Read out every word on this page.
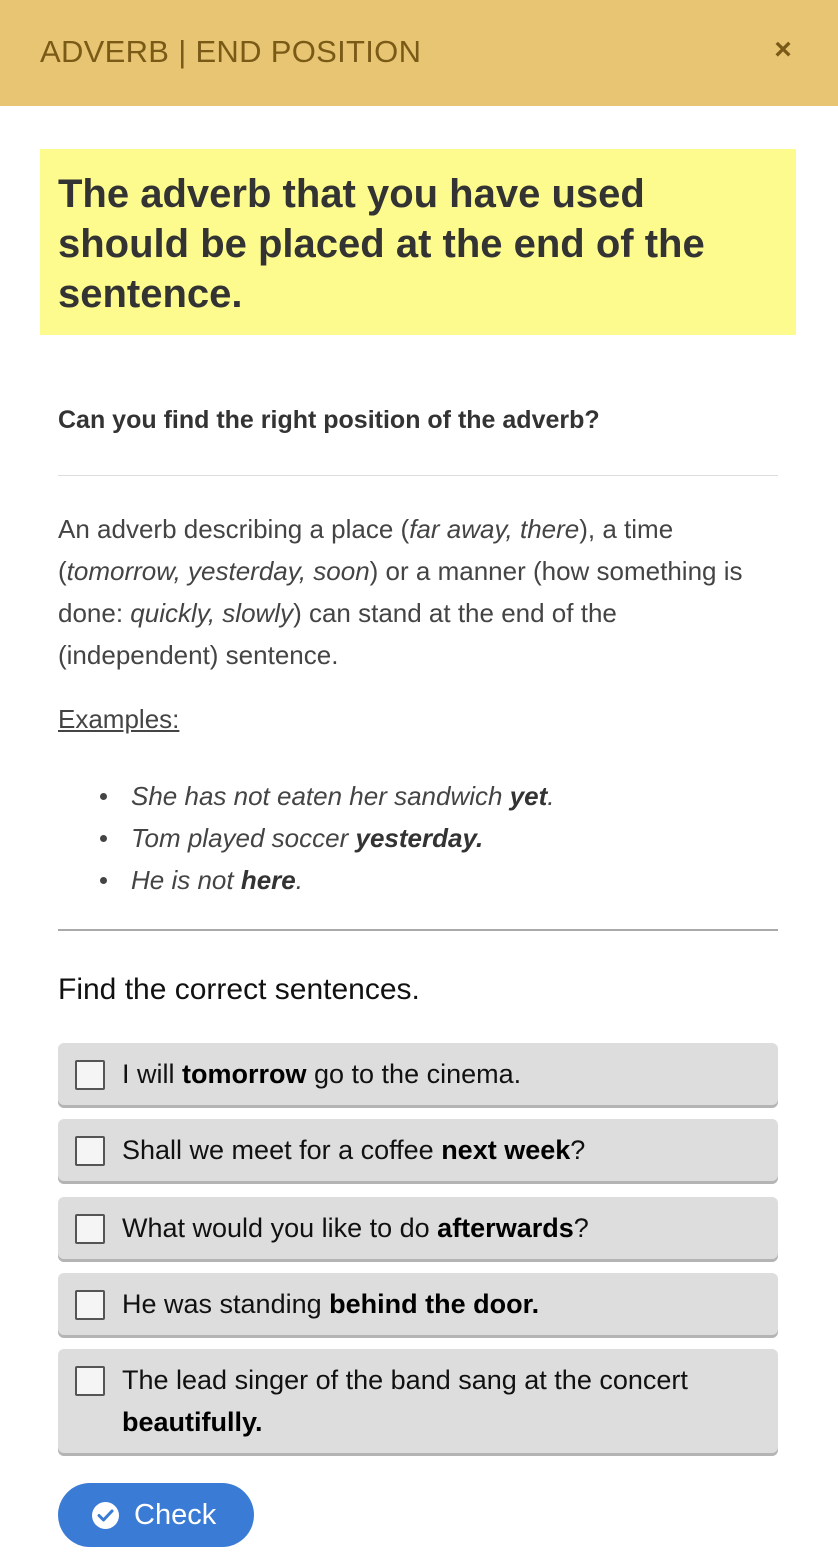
ADVERB | END POSITION	×
The adverb that you have used should be placed at the end of the sentence.
Can you find the right position of the adverb?
An adverb describing a place (far away, there), a time (tomorrow, yesterday, soon) or a manner (how something is done: quickly, slowly) can stand at the end of the (independent) sentence.
Examples:
She has not eaten her sandwich yet.
Tom played soccer yesterday.
He is not here.
Find the correct sentences.
I will tomorrow go to the cinema.
Shall we meet for a coffee next week?
What would you like to do afterwards?
He was standing behind the door.
The lead singer of the band sang at the concert beautifully.
Check
